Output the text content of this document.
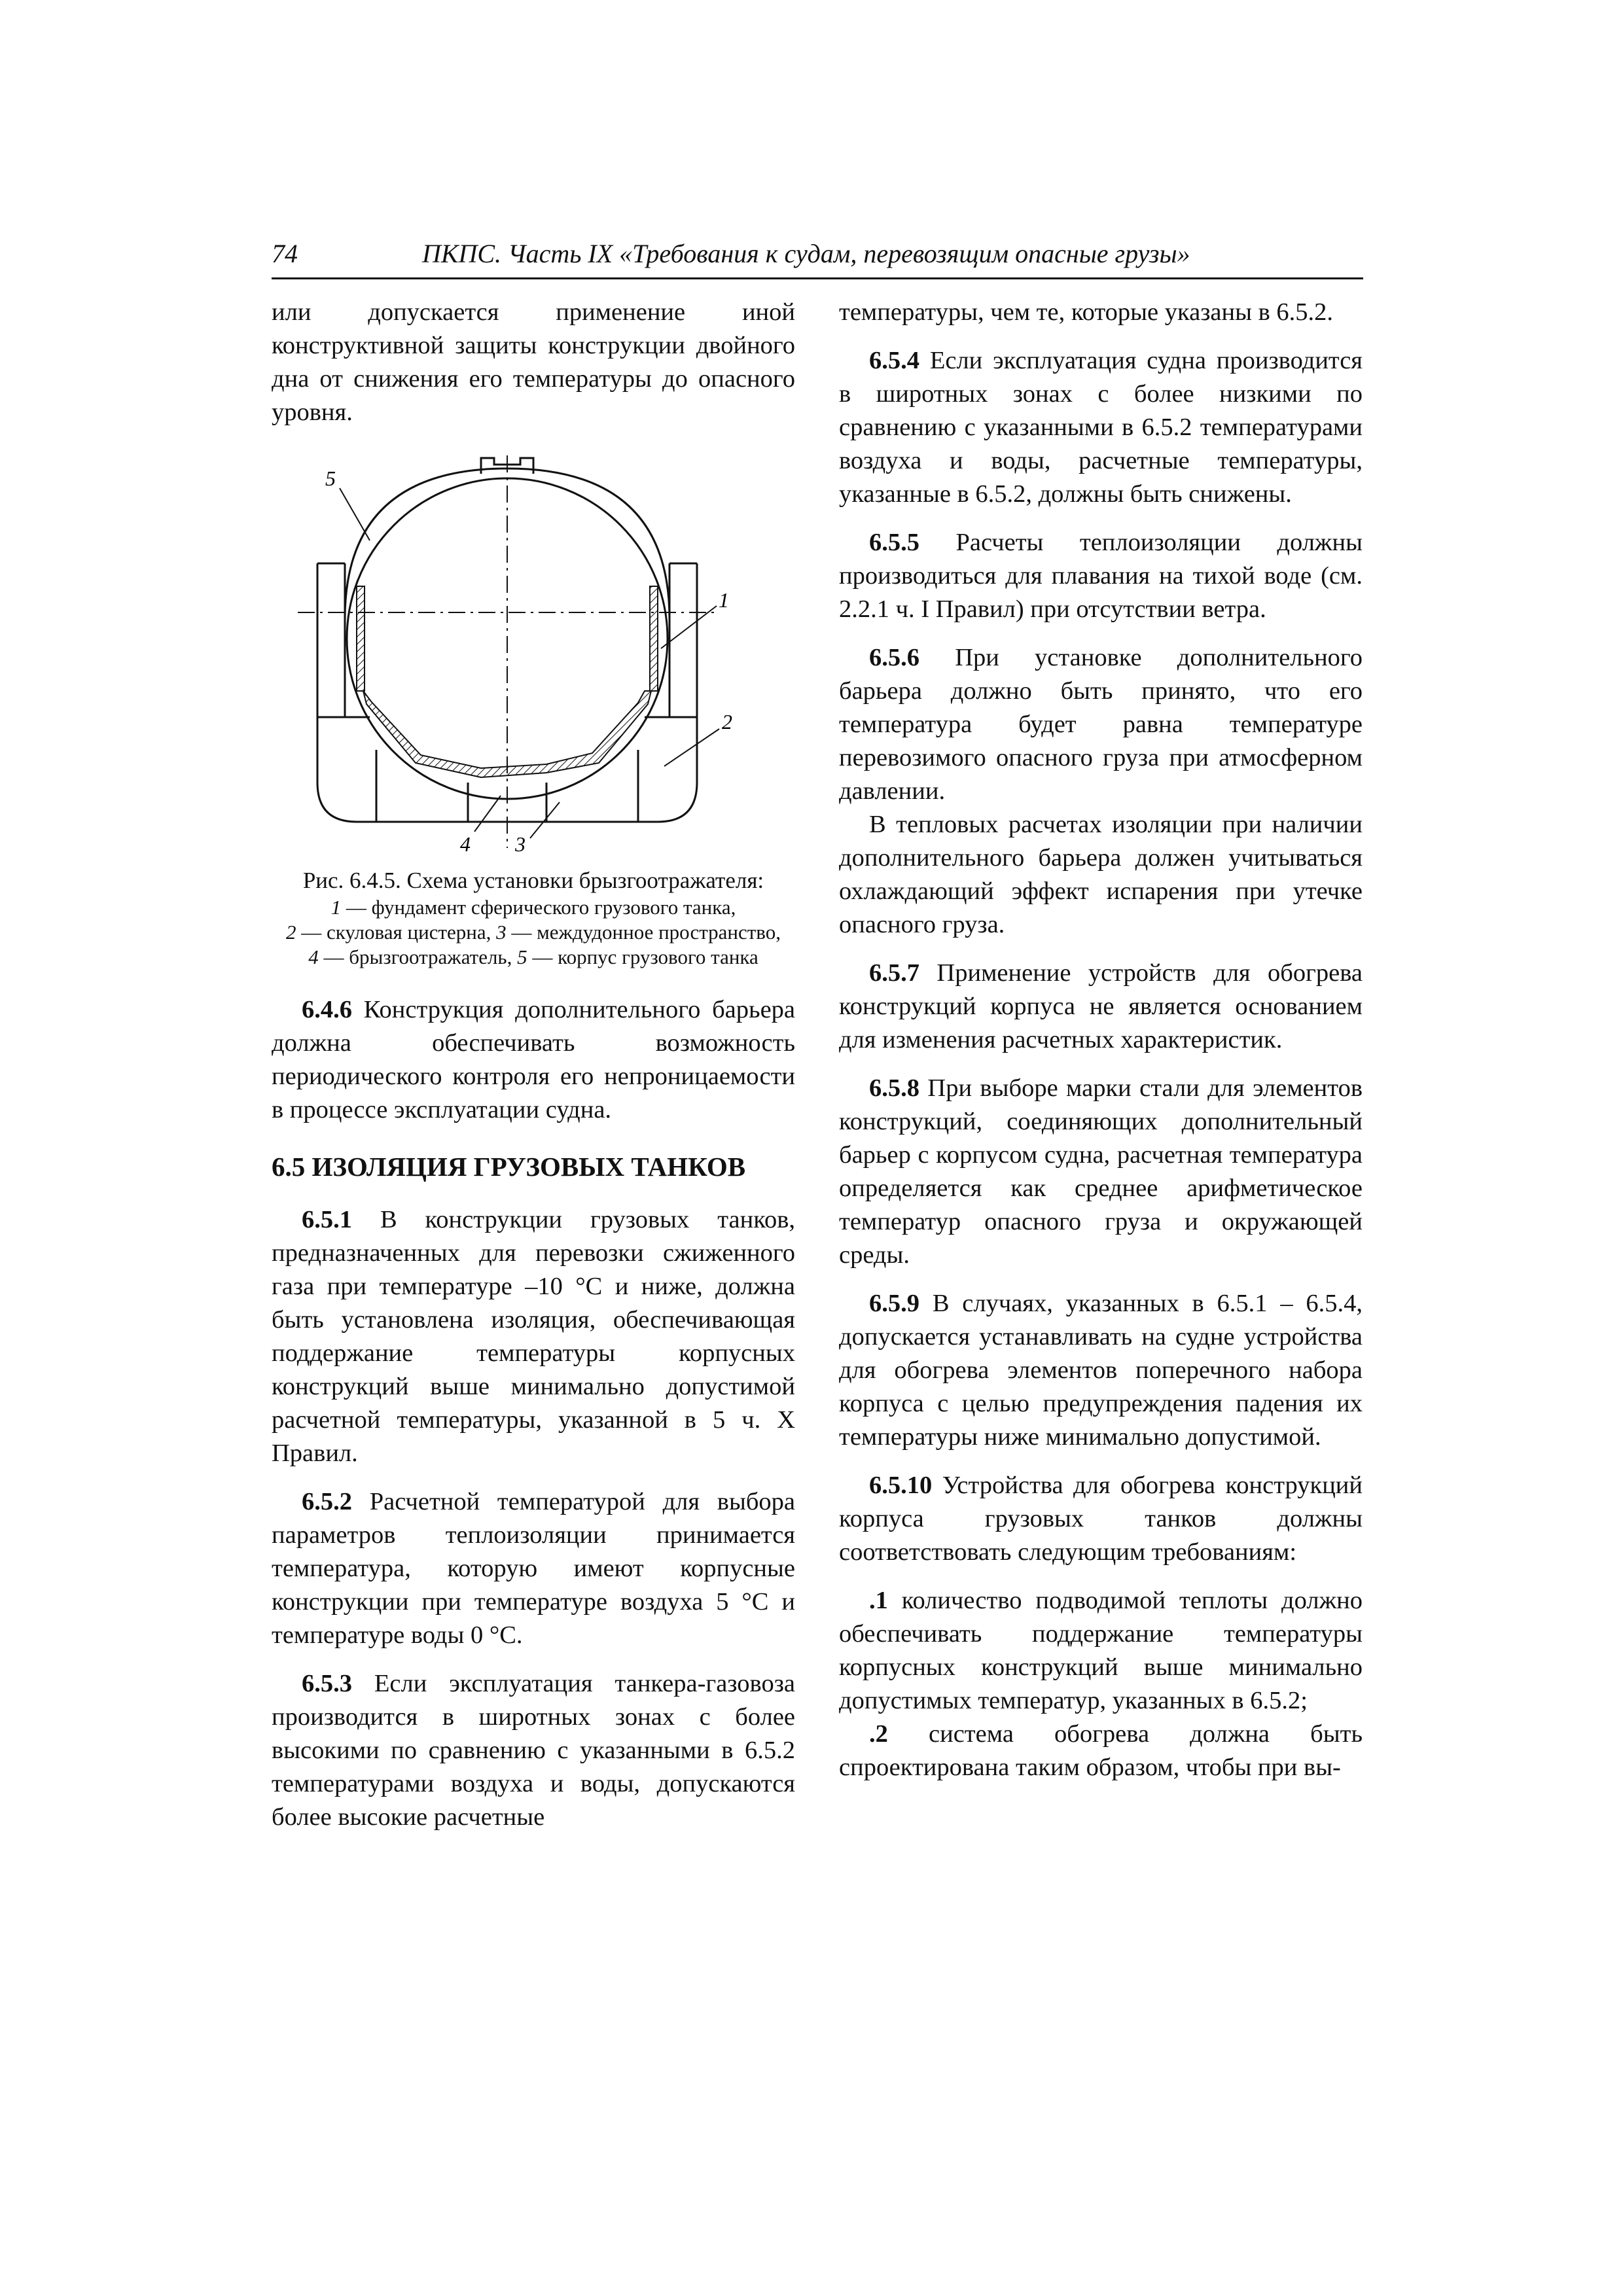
74	ПКПС. Часть IX «Требования к судам, перевозящим опасные грузы»

или допускается применение иной конструктивной защиты конструкции двойного дна от снижения его температуры до опасного уровня.

5
1
2
4 3
Рис. 6.4.5. Схема установки брызгоотражателя:
1 — фундамент сферического грузового танка,
2 — скуловая цистерна, 3 — междудонное пространство,
4 — брызгоотражатель, 5 — корпус грузового танка

6.4.6 Конструкция дополнительного барьера должна обеспечивать возможность периодического контроля его непроницаемости в процессе эксплуатации судна.

6.5 ИЗОЛЯЦИЯ ГРУЗОВЫХ ТАНКОВ

6.5.1 В конструкции грузовых танков, предназначенных для перевозки сжиженного газа при температуре –10 °С и ниже, должна быть установлена изоляция, обеспечивающая поддержание температуры корпусных конструкций выше минимально допустимой расчетной температуры, указанной в 5 ч. X Правил.

6.5.2 Расчетной температурой для выбора параметров теплоизоляции принимается температура, которую имеют корпусные конструкции при температуре воздуха 5 °С и температуре воды 0 °С.

6.5.3 Если эксплуатация танкера-газовоза производится в широтных зонах с более высокими по сравнению с указанными в 6.5.2 температурами воздуха и воды, допускаются более высокие расчетные

температуры, чем те, которые указаны в 6.5.2.

6.5.4 Если эксплуатация судна производится в широтных зонах с более низкими по сравнению с указанными в 6.5.2 температурами воздуха и воды, расчетные температуры, указанные в 6.5.2, должны быть снижены.

6.5.5 Расчеты теплоизоляции должны производиться для плавания на тихой воде (см. 2.2.1 ч. I Правил) при отсутствии ветра.

6.5.6 При установке дополнительного барьера должно быть принято, что его температура будет равна температуре перевозимого опасного груза при атмосферном давлении.

В тепловых расчетах изоляции при наличии дополнительного барьера должен учитываться охлаждающий эффект испарения при утечке опасного груза.

6.5.7 Применение устройств для обогрева конструкций корпуса не является основанием для изменения расчетных характеристик.

6.5.8 При выборе марки стали для элементов конструкций, соединяющих дополнительный барьер с корпусом судна, расчетная температура определяется как среднее арифметическое температур опасного груза и окружающей среды.

6.5.9 В случаях, указанных в 6.5.1 – 6.5.4, допускается устанавливать на судне устройства для обогрева элементов поперечного набора корпуса с целью предупреждения падения их температуры ниже минимально допустимой.

6.5.10 Устройства для обогрева конструкций корпуса грузовых танков должны соответствовать следующим требованиям:

.1 количество подводимой теплоты должно обеспечивать поддержание температуры корпусных конструкций выше минимально допустимых температур, указанных в 6.5.2;

.2 система обогрева должна быть спроектирована таким образом, чтобы при вы-
